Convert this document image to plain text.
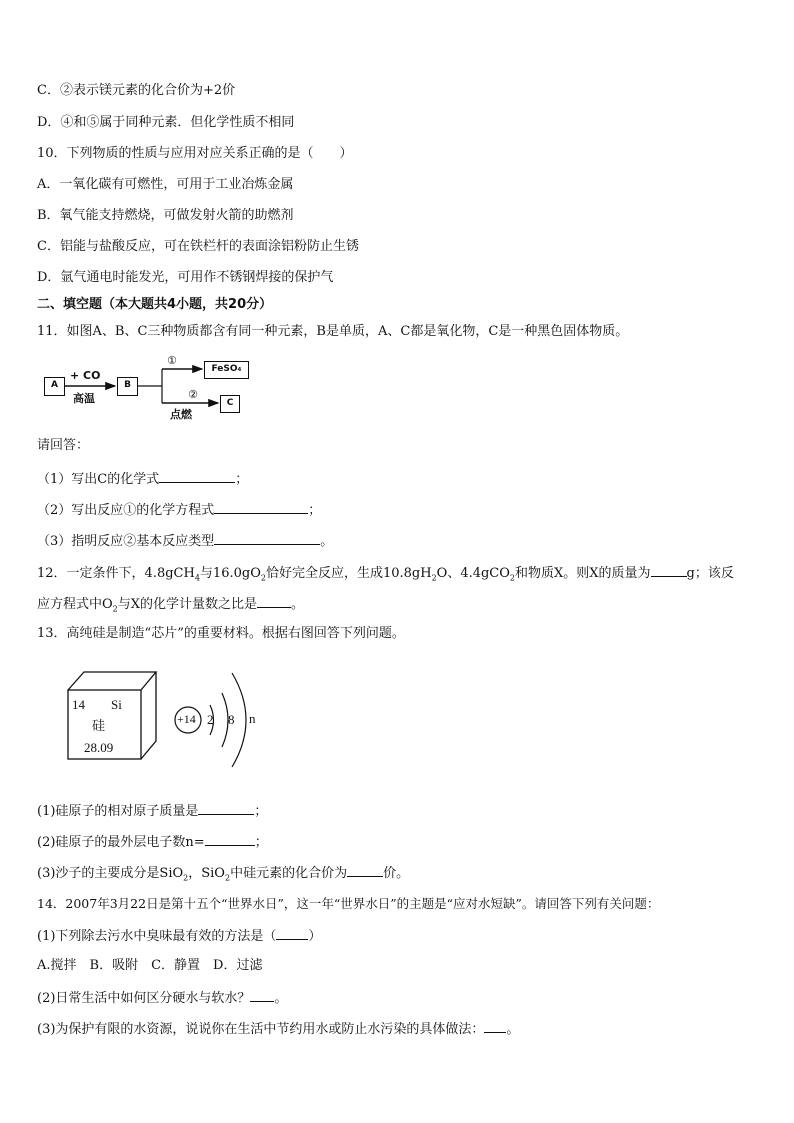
C．②表示镁元素的化合价为+2价
D．④和⑤属于同种元素．但化学性质不相同
10．下列物质的性质与应用对应关系正确的是（　　）
A．一氧化碳有可燃性，可用于工业冶炼金属
B．氧气能支持燃烧，可做发射火箭的助燃剂
C．铝能与盐酸反应，可在铁栏杆的表面涂铝粉防止生锈
D．氩气通电时能发光，可用作不锈钢焊接的保护气
二、填空题（本大题共4小题，共20分）
11．如图A、B、C三种物质都含有同一种元素，B是单质，A、C都是氧化物，C是一种黑色固体物质。
A
+ CO
高温
B
①
②
FeSO₄
点燃
C
请回答：
（1）写出C的化学式	；
（2）写出反应①的化学方程式	；
（3）指明反应②基本反应类型	。
12．一定条件下，4.8gCH$_4$与$16.0gO_2$恰好完全反应，生成$10.8gH_2O$、4.4gCO$_2$和物质X。则X的质量为	g；该反
应方程式中$O_2$与X的化学计量数之比是	。
13．高纯硅是制造“芯片”的重要材料。根据右图回答下列问题。
14 Si
硅
28.09
+14 2 8 n
(1)硅原子的相对原子质量是	；
(2)硅原子的最外层电子数n=	；
(3)沙子的主要成分是SiO$_2$，SiO$_2$中硅元素的化合价为	价。
14．2007年3月22日是第十五个“世界水日”，这一年“世界水日”的主题是“应对水短缺”。请回答下列有关问题：
(1)下列除去污水中臭味最有效的方法是（ ）
A.搅拌　B．吸附　C．静置　D．过滤
(2)日常生活中如何区分硬水与软水？ 。
(3)为保护有限的水资源，说说你在生活中节约用水或防止水污染的具体做法： 。
